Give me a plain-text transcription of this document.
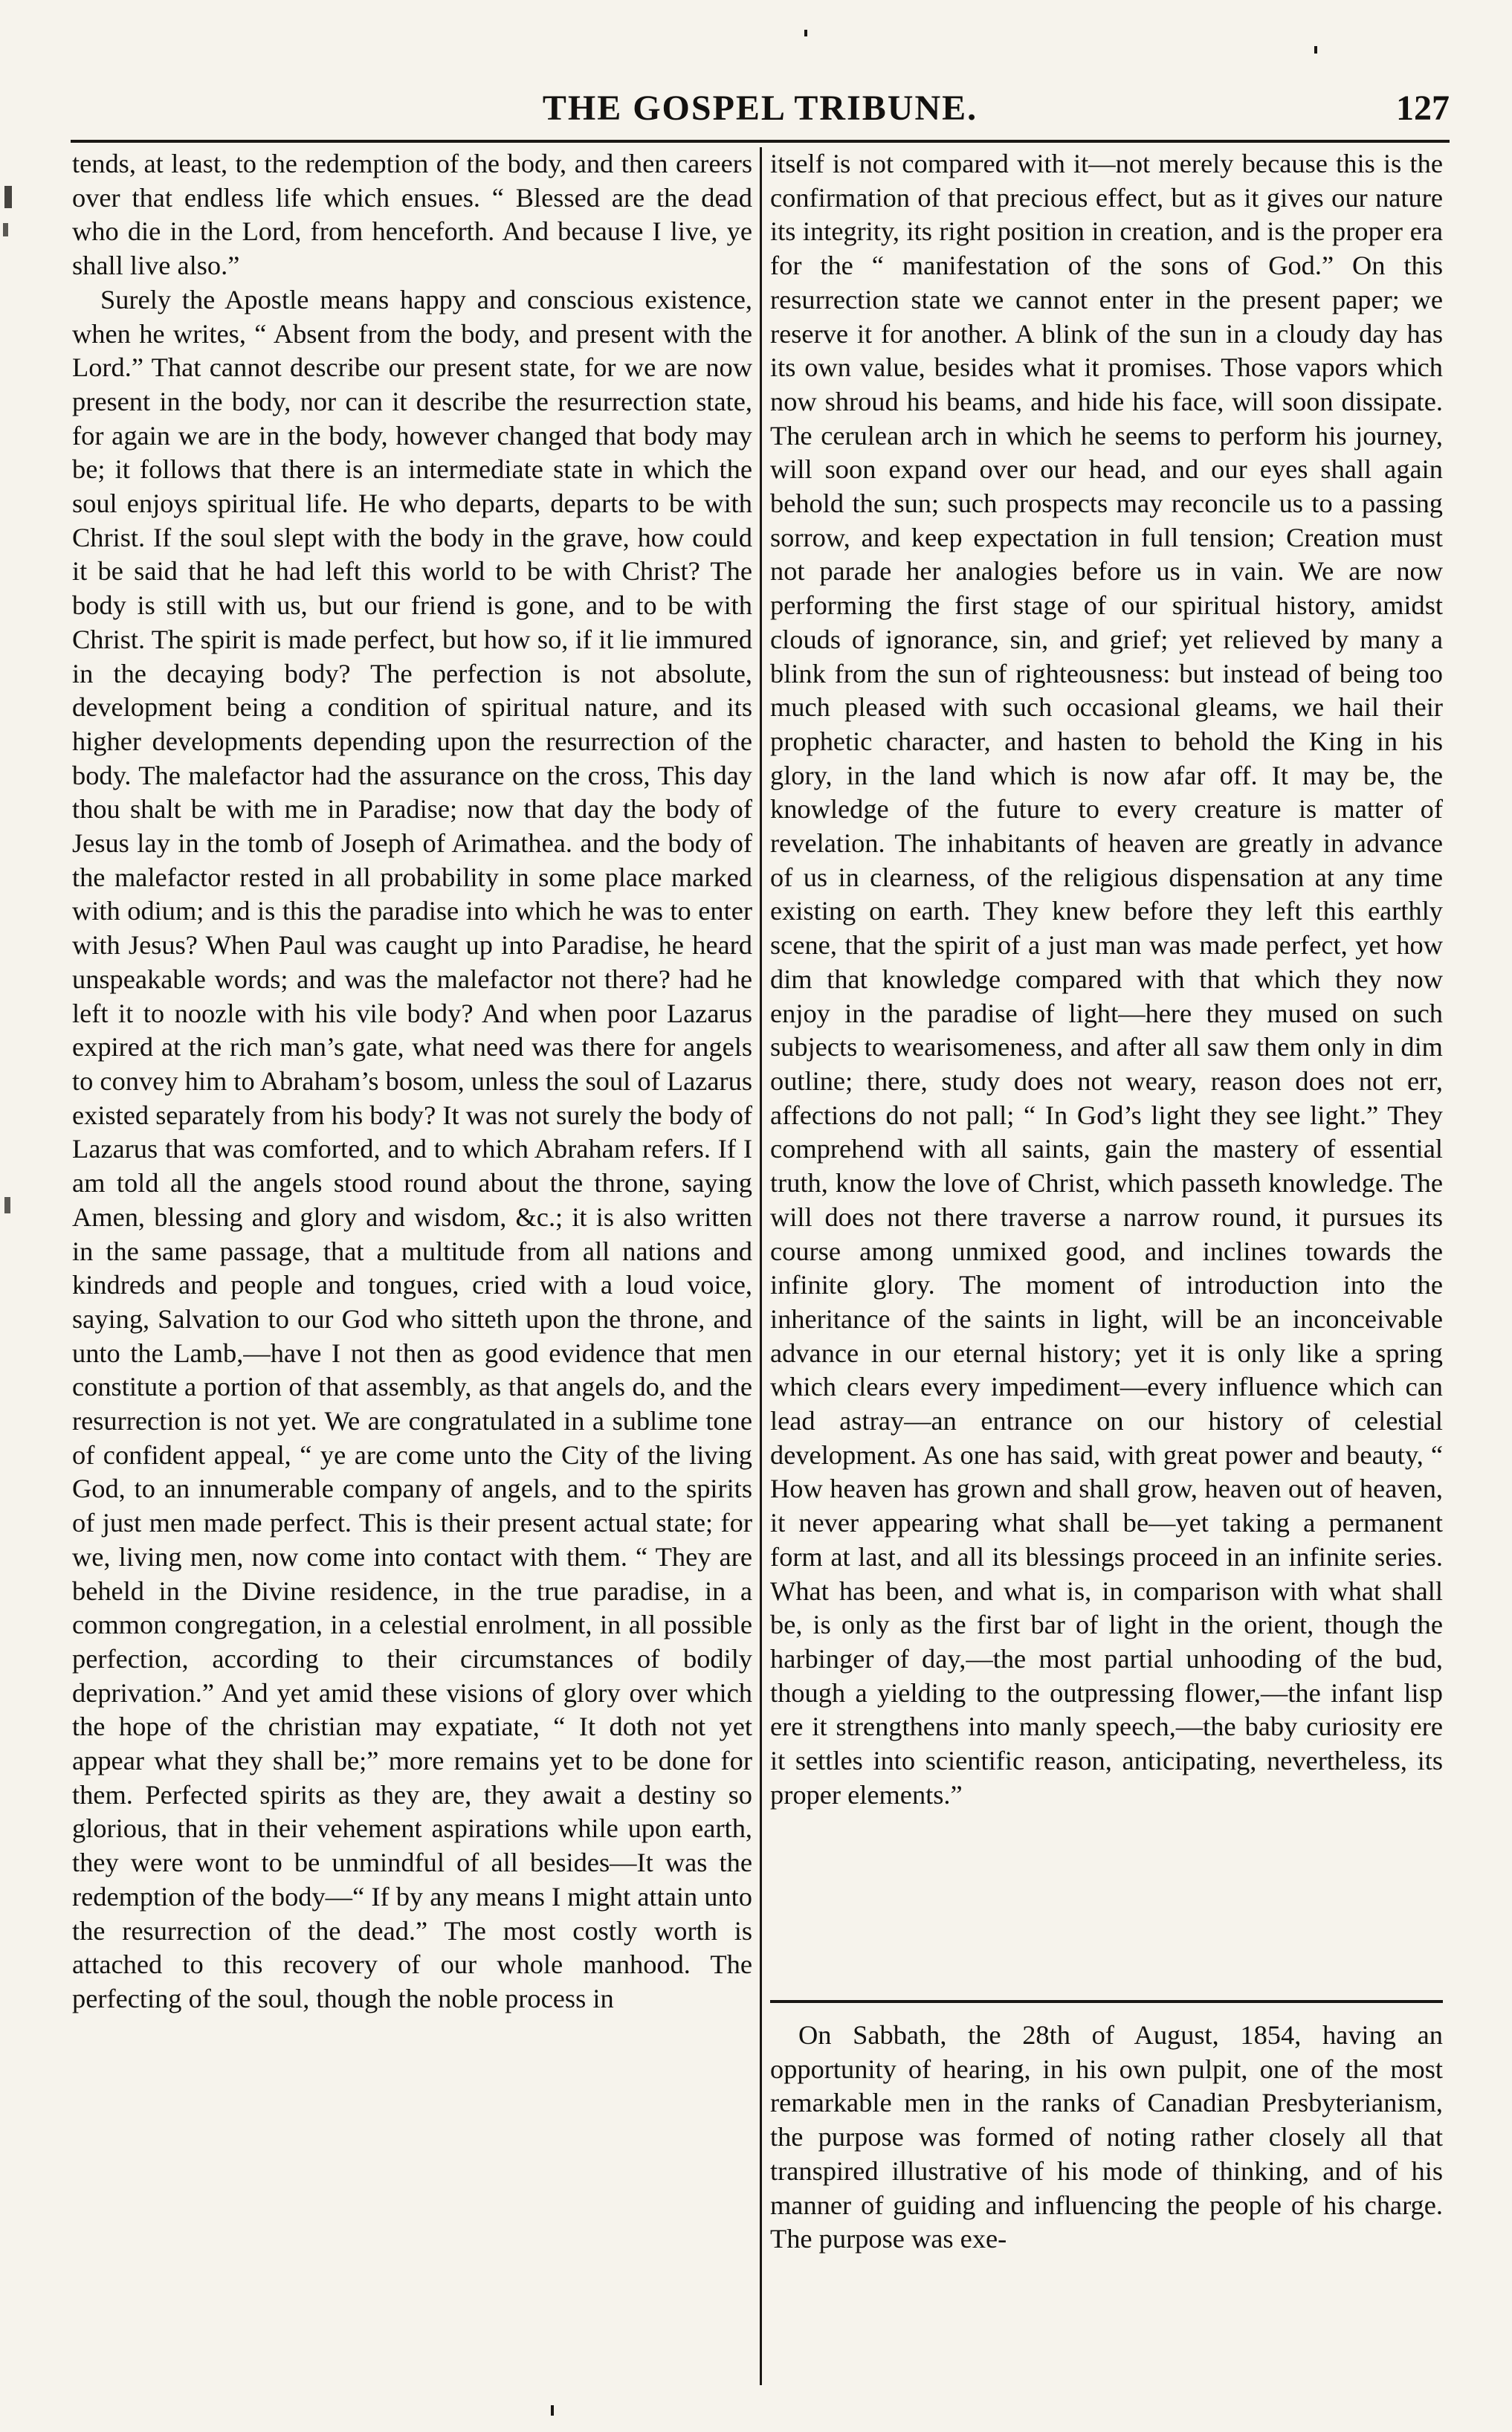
THE GOSPEL TRIBUNE.	127

tends, at least, to the redemption of the body, and then careers over that endless life which ensues. “ Blessed are the dead who die in the Lord, from henceforth. And because I live, ye shall live also.”

Surely the Apostle means happy and conscious existence, when he writes, “ Absent from the body, and present with the Lord.” That cannot describe our present state, for we are now present in the body, nor can it describe the resurrection state, for again we are in the body, however changed that body may be; it follows that there is an intermediate state in which the soul enjoys spiritual life. He who departs, departs to be with Christ. If the soul slept with the body in the grave, how could it be said that he had left this world to be with Christ? The body is still with us, but our friend is gone, and to be with Christ. The spirit is made perfect, but how so, if it lie immured in the decaying body? The perfection is not absolute, development being a condition of spiritual nature, and its higher developments depending upon the resurrection of the body. The malefactor had the assurance on the cross, This day thou shalt be with me in Paradise; now that day the body of Jesus lay in the tomb of Joseph of Arimathea. and the body of the malefactor rested in all probability in some place marked with odium; and is this the paradise into which he was to enter with Jesus? When Paul was caught up into Paradise, he heard unspeakable words; and was the malefactor not there? had he left it to noozle with his vile body? And when poor Lazarus expired at the rich man’s gate, what need was there for angels to convey him to Abraham’s bosom, unless the soul of Lazarus existed separately from his body? It was not surely the body of Lazarus that was comforted, and to which Abraham refers. If I am told all the angels stood round about the throne, saying Amen, blessing and glory and wisdom, &c.; it is also written in the same passage, that a multitude from all nations and kindreds and people and tongues, cried with a loud voice, saying, Salvation to our God who sitteth upon the throne, and unto the Lamb,—have I not then as good evidence that men constitute a portion of that assembly, as that angels do, and the resurrection is not yet. We are congratulated in a sublime tone of confident appeal, “ ye are come unto the City of the living God, to an innumerable company of angels, and to the spirits of just men made perfect. This is their present actual state; for we, living men, now come into contact with them. “ They are beheld in the Divine residence, in the true paradise, in a common congregation, in a celestial enrolment, in all possible perfection, according to their circumstances of bodily deprivation.” And yet amid these visions of glory over which the hope of the christian may expatiate, “ It doth not yet appear what they shall be;” more remains yet to be done for them. Perfected spirits as they are, they await a destiny so glorious, that in their vehement aspirations while upon earth, they were wont to be unmindful of all besides—It was the redemption of the body—“ If by any means I might attain unto the resurrection of the dead.” The most costly worth is attached to this recovery of our whole manhood. The perfecting of the soul, though the noble process in

itself is not compared with it—not merely because this is the confirmation of that precious effect, but as it gives our nature its integrity, its right position in creation, and is the proper era for the “ manifestation of the sons of God.” On this resurrection state we cannot enter in the present paper; we reserve it for another. A blink of the sun in a cloudy day has its own value, besides what it promises. Those vapors which now shroud his beams, and hide his face, will soon dissipate. The cerulean arch in which he seems to perform his journey, will soon expand over our head, and our eyes shall again behold the sun; such prospects may reconcile us to a passing sorrow, and keep expectation in full tension; Creation must not parade her analogies before us in vain. We are now performing the first stage of our spiritual history, amidst clouds of ignorance, sin, and grief; yet relieved by many a blink from the sun of righteousness: but instead of being too much pleased with such occasional gleams, we hail their prophetic character, and hasten to behold the King in his glory, in the land which is now afar off. It may be, the knowledge of the future to every creature is matter of revelation. The inhabitants of heaven are greatly in advance of us in clearness, of the religious dispensation at any time existing on earth. They knew before they left this earthly scene, that the spirit of a just man was made perfect, yet how dim that knowledge compared with that which they now enjoy in the paradise of light—here they mused on such subjects to wearisomeness, and after all saw them only in dim outline; there, study does not weary, reason does not err, affections do not pall; “ In God’s light they see light.” They comprehend with all saints, gain the mastery of essential truth, know the love of Christ, which passeth knowledge. The will does not there traverse a narrow round, it pursues its course among unmixed good, and inclines towards the infinite glory. The moment of introduction into the inheritance of the saints in light, will be an inconceivable advance in our eternal history; yet it is only like a spring which clears every impediment—every influence which can lead astray—an entrance on our history of celestial development. As one has said, with great power and beauty, “ How heaven has grown and shall grow, heaven out of heaven, it never appearing what shall be—yet taking a permanent form at last, and all its blessings proceed in an infinite series. What has been, and what is, in comparison with what shall be, is only as the first bar of light in the orient, though the harbinger of day,—the most partial unhooding of the bud, though a yielding to the outpressing flower,—the infant lisp ere it strengthens into manly speech,—the baby curiosity ere it settles into scientific reason, anticipating, nevertheless, its proper elements.”

On Sabbath, the 28th of August, 1854, having an opportunity of hearing, in his own pulpit, one of the most remarkable men in the ranks of Canadian Presbyterianism, the purpose was formed of noting rather closely all that transpired illustrative of his mode of thinking, and of his manner of guiding and influencing the people of his charge. The purpose was exe-
